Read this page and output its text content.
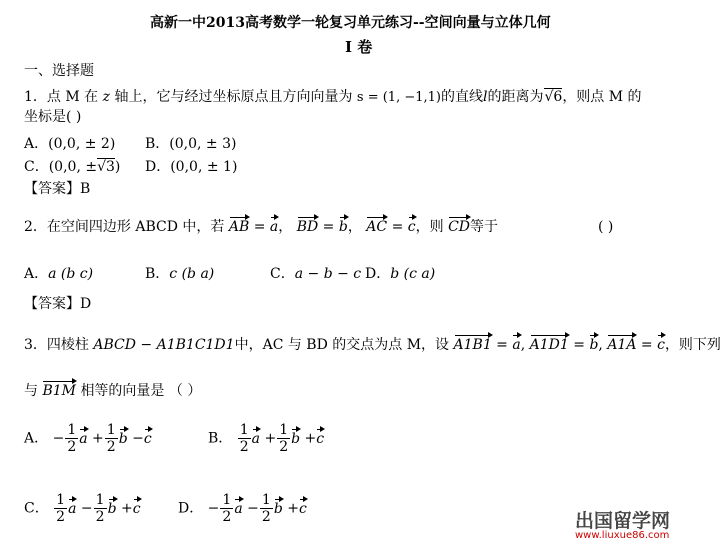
高新一中2013高考数学一轮复习单元练习--空间向量与立体几何
I 卷
一、选择题
1．点 M 在 z 轴上，它与经过坐标原点且方向向量为 s = (1, −1,1)的直线l的距离为√6，则点 M 的
坐标是( )
A．(0,0, ± 2) B．(0,0, ± 3)
C．(0,0, ±√3) D．(0,0, ± 1)
【答案】B
2．在空间四边形 ABCD 中，若 AB = a， BD = b， AC = c，则 CD等于	( )
A．a (b c)	B．c (b a)	C．a − b − c D．b (c a)
【答案】D
3．四棱柱 ABCD − A1B1C1D1中，AC 与 BD 的交点为点 M，设 A1B1 = a, A1D1 = b, A1A = c，则下列
与 B1M 相等的向量是 （ ）
A． − $\frac{1}{2}$ $a + \frac{1}{2}$ b −c	B． $\frac{1}{2}$ $a + \frac{1}{2}$ b +c
C． $\frac{1}{2}$ $a - \frac{1}{2}$ b +c	D． − $\frac{1}{2}$ $a - \frac{1}{2}$ b +c
出国留学网
www.liuxue86.com
